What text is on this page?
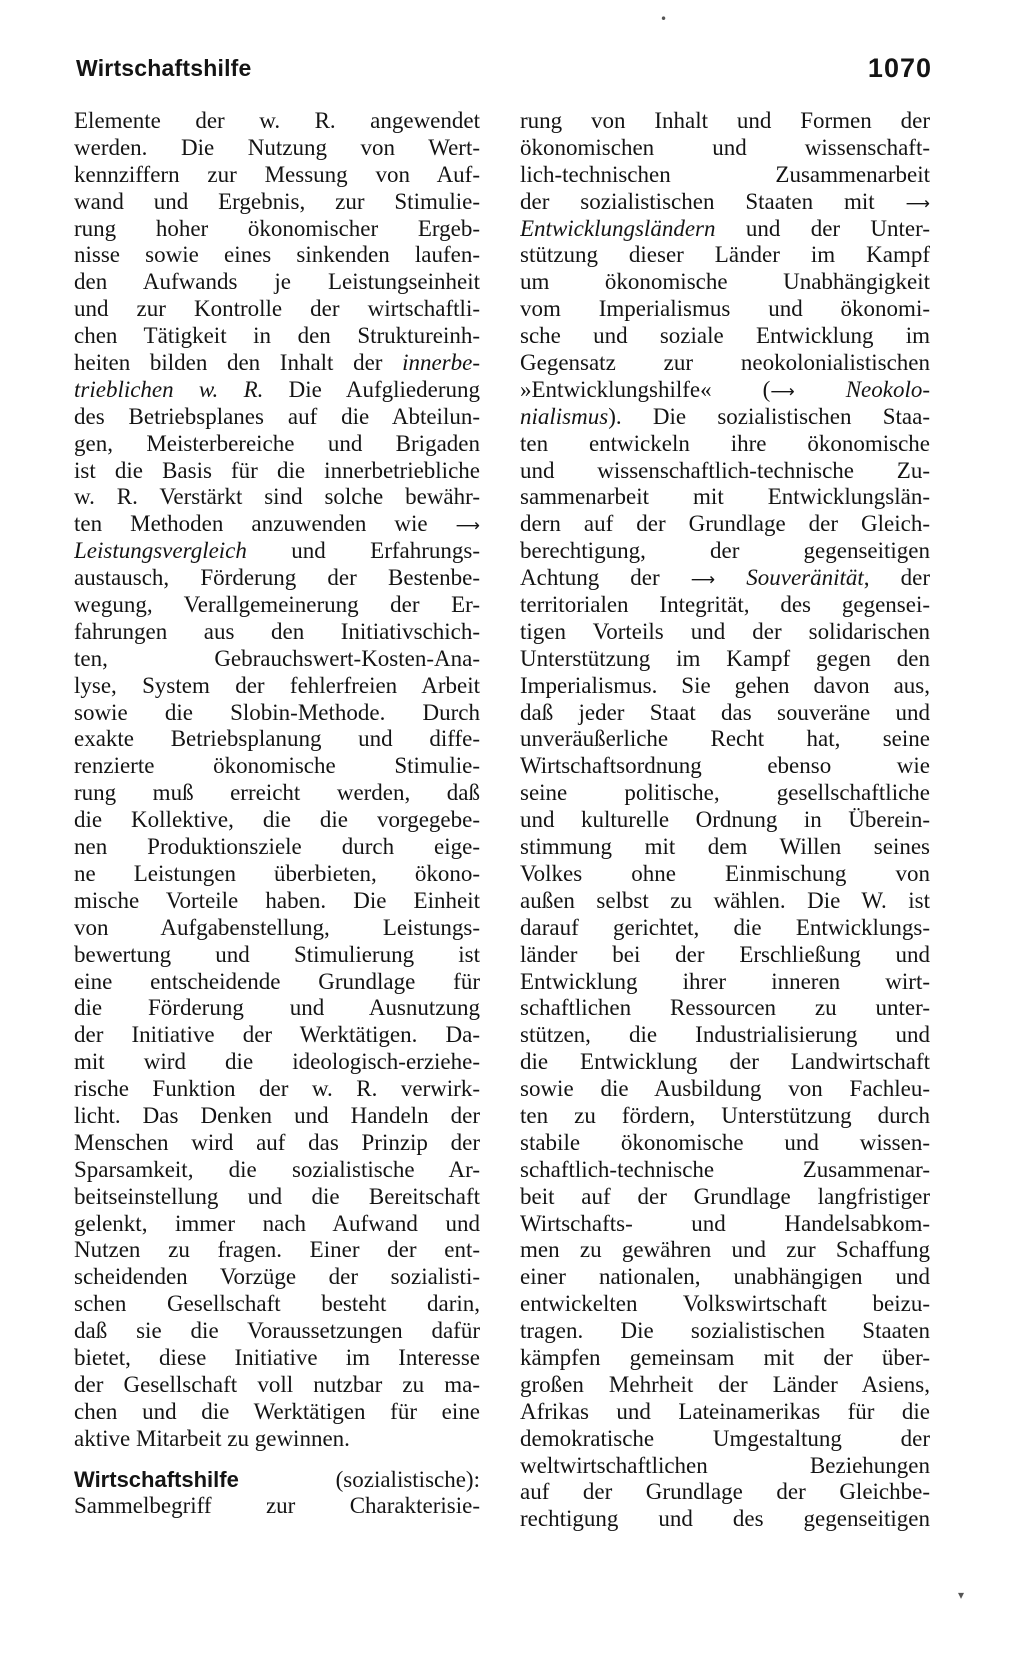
Wirtschaftshilfe	1070
•
Elemente der w. R. angewendet
werden. Die Nutzung von Wert-
kennziffern zur Messung von Auf-
wand und Ergebnis, zur Stimulie-
rung hoher ökonomischer Ergeb-
nisse sowie eines sinkenden laufen-
den Aufwands je Leistungseinheit
und zur Kontrolle der wirtschaftli-
chen Tätigkeit in den Struktureinh-
heiten bilden den Inhalt der innerbe-
trieblichen w. R. Die Aufgliederung
des Betriebsplanes auf die Abteilun-
gen, Meisterbereiche und Brigaden
ist die Basis für die innerbetriebliche
w. R. Verstärkt sind solche bewähr-
ten Methoden anzuwenden wie ⟶
Leistungsvergleich und Erfahrungs-
austausch, Förderung der Bestenbe-
wegung, Verallgemeinerung der Er-
fahrungen aus den Initiativschich-
ten, Gebrauchswert-Kosten-Ana-
lyse, System der fehlerfreien Arbeit
sowie die Slobin-Methode. Durch
exakte Betriebsplanung und diffe-
renzierte ökonomische Stimulie-
rung muß erreicht werden, daß
die Kollektive, die die vorgegebe-
nen Produktionsziele durch eige-
ne Leistungen überbieten, ökono-
mische Vorteile haben. Die Einheit
von Aufgabenstellung, Leistungs-
bewertung und Stimulierung ist
eine entscheidende Grundlage für
die Förderung und Ausnutzung
der Initiative der Werktätigen. Da-
mit wird die ideologisch-erziehe-
rische Funktion der w. R. verwirk-
licht. Das Denken und Handeln der
Menschen wird auf das Prinzip der
Sparsamkeit, die sozialistische Ar-
beitseinstellung und die Bereitschaft
gelenkt, immer nach Aufwand und
Nutzen zu fragen. Einer der ent-
scheidenden Vorzüge der sozialisti-
schen Gesellschaft besteht darin,
daß sie die Voraussetzungen dafür
bietet, diese Initiative im Interesse
der Gesellschaft voll nutzbar zu ma-
chen und die Werktätigen für eine
aktive Mitarbeit zu gewinnen.
Wirtschaftshilfe (sozialistische):
Sammelbegriff zur Charakterisie-
rung von Inhalt und Formen der
ökonomischen und wissenschaft-
lich-technischen Zusammenarbeit
der sozialistischen Staaten mit ⟶
Entwicklungsländern und der Unter-
stützung dieser Länder im Kampf
um ökonomische Unabhängigkeit
vom Imperialismus und ökonomi-
sche und soziale Entwicklung im
Gegensatz zur neokolonialistischen
»Entwicklungshilfe« (⟶ Neokolo-
nialismus). Die sozialistischen Staa-
ten entwickeln ihre ökonomische
und wissenschaftlich-technische Zu-
sammenarbeit mit Entwicklungslän-
dern auf der Grundlage der Gleich-
berechtigung, der gegenseitigen
Achtung der ⟶ Souveränität, der
territorialen Integrität, des gegensei-
tigen Vorteils und der solidarischen
Unterstützung im Kampf gegen den
Imperialismus. Sie gehen davon aus,
daß jeder Staat das souveräne und
unveräußerliche Recht hat, seine
Wirtschaftsordnung ebenso wie
seine politische, gesellschaftliche
und kulturelle Ordnung in Überein-
stimmung mit dem Willen seines
Volkes ohne Einmischung von
außen selbst zu wählen. Die W. ist
darauf gerichtet, die Entwicklungs-
länder bei der Erschließung und
Entwicklung ihrer inneren wirt-
schaftlichen Ressourcen zu unter-
stützen, die Industrialisierung und
die Entwicklung der Landwirtschaft
sowie die Ausbildung von Fachleu-
ten zu fördern, Unterstützung durch
stabile ökonomische und wissen-
schaftlich-technische Zusammenar-
beit auf der Grundlage langfristiger
Wirtschafts- und Handelsabkom-
men zu gewähren und zur Schaffung
einer nationalen, unabhängigen und
entwickelten Volkswirtschaft beizu-
tragen. Die sozialistischen Staaten
kämpfen gemeinsam mit der über-
großen Mehrheit der Länder Asiens,
Afrikas und Lateinamerikas für die
demokratische Umgestaltung der
weltwirtschaftlichen Beziehungen
auf der Grundlage der Gleichbe-
rechtigung und des gegenseitigen
▾
